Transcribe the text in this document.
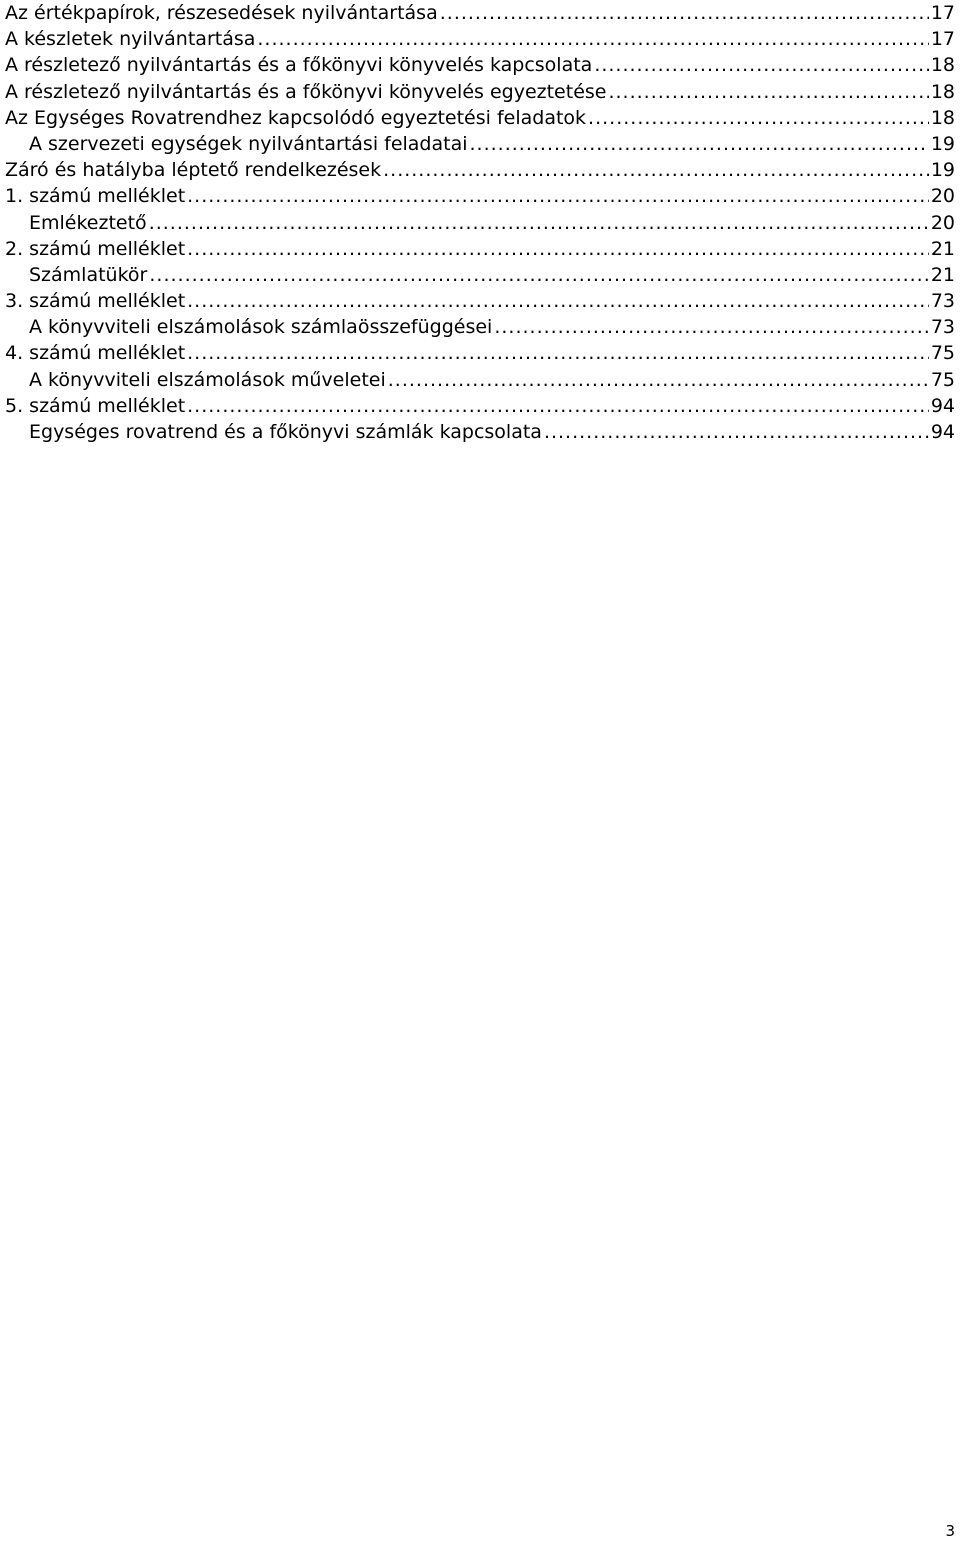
Az értékpapírok, részesedések nyilvántartása .....	17
A készletek nyilvántartása .....	17
A részletező nyilvántartás és a főkönyvi könyvelés kapcsolata .....	18
A részletező nyilvántartás és a főkönyvi könyvelés egyeztetése .....	18
Az Egységes Rovatrendhez kapcsolódó egyeztetési feladatok .....	18
A szervezeti egységek nyilvántartási feladatai .....	19
Záró és hatályba léptető rendelkezések .....	19
1. számú melléklet .....	20
Emlékeztető .....	20
2. számú melléklet .....	21
Számlatükör .....	21
3. számú melléklet .....	73
A könyvviteli elszámolások számlaösszefüggései .....	73
4. számú melléklet .....	75
A könyvviteli elszámolások műveletei .....	75
5. számú melléklet .....	94
Egységes rovatrend és a főkönyvi számlák kapcsolata .....	94
3
